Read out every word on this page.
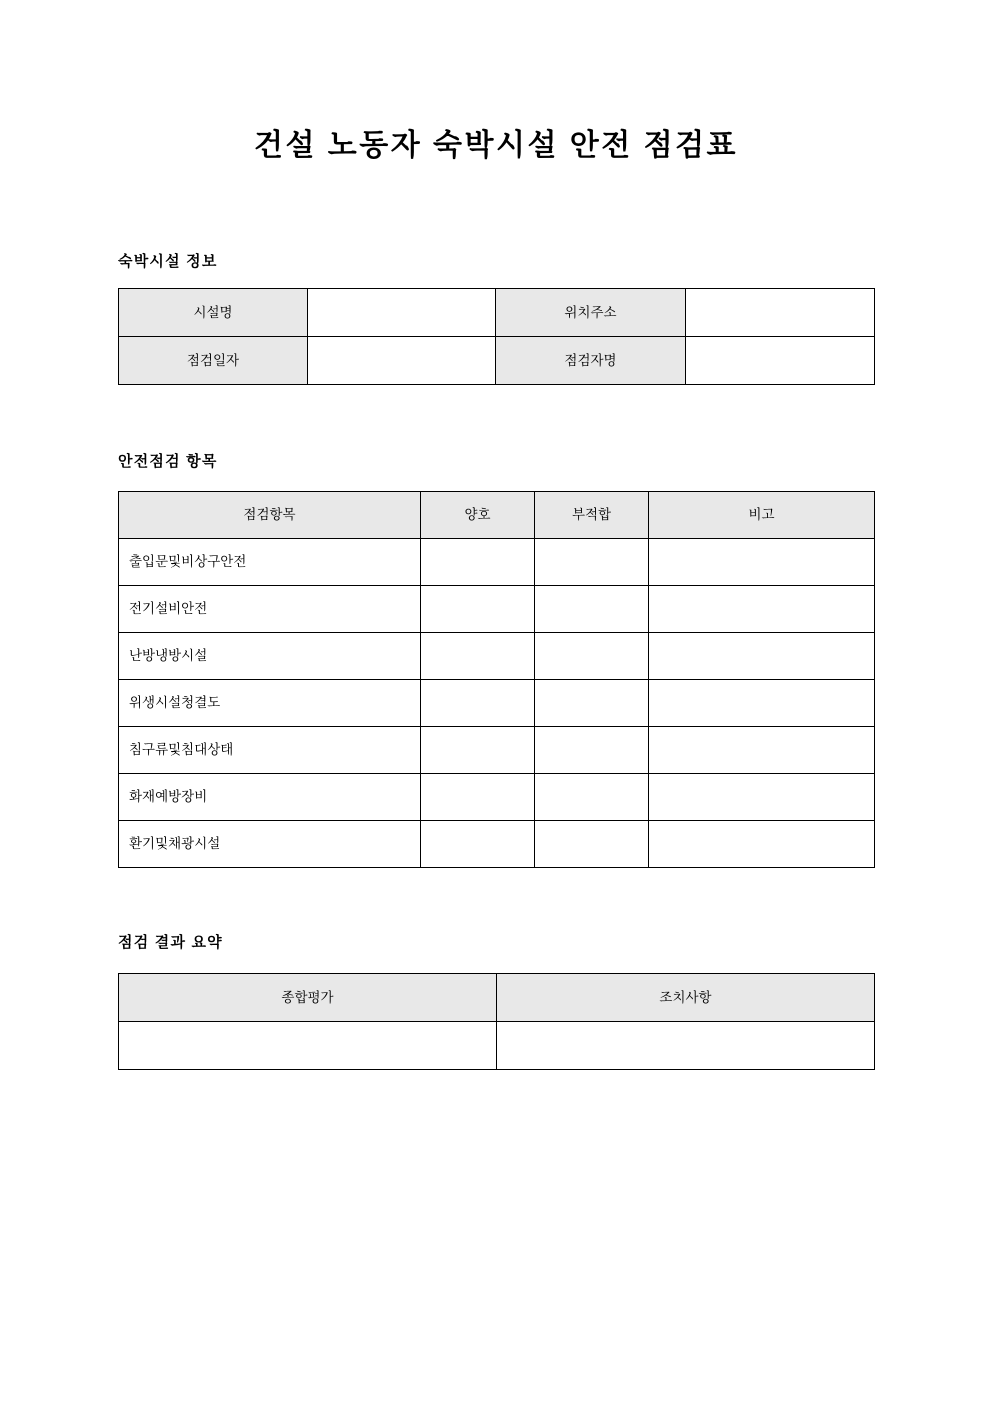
건설 노동자 숙박시설 안전 점검표
숙박시설 정보
시설명		위치주소	
점검일자		점검자명	
안전점검 항목
점검항목	양호	부적합	비고
출입문및비상구안전			
전기설비안전			
난방냉방시설			
위생시설청결도			
침구류및침대상태			
화재예방장비			
환기및채광시설			
점검 결과 요약
종합평가	조치사항
